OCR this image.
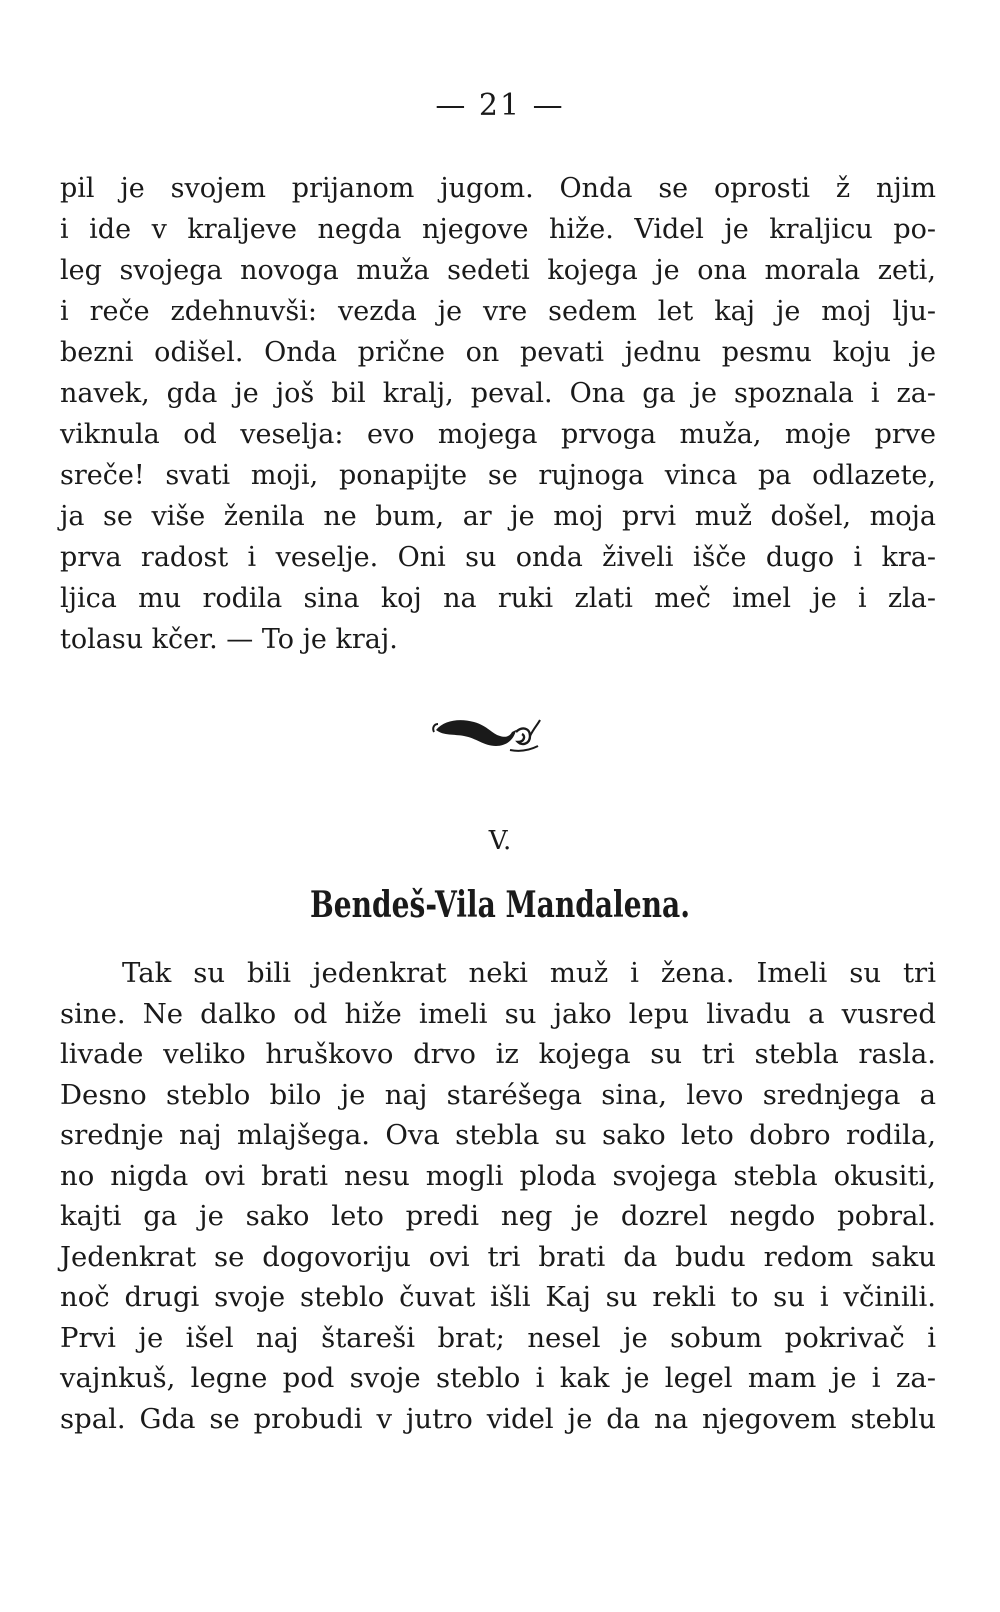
— 21 —
pil je svojem prijanom jugom. Onda se oprosti ž njim
i ide v kraljeve negda njegove hiže. Videl je kraljicu po-
leg svojega novoga muža sedeti kojega je ona morala zeti,
i reče zdehnuvši: vezda je vre sedem let kaj je moj lju-
bezni odišel. Onda prične on pevati jednu pesmu koju je
navek, gda je još bil kralj, peval. Ona ga je spoznala i za-
viknula od veselja: evo mojega prvoga muža, moje prve
sreče! svati moji, ponapijte se rujnoga vinca pa odlazete,
ja se više ženila ne bum, ar je moj prvi muž došel, moja
prva radost i veselje. Oni su onda živeli išče dugo i kra-
ljica mu rodila sina koj na ruki zlati meč imel je i zla-
tolasu kčer. — To je kraj.
V.
Bendeš-Vila Mandalena.
Tak su bili jedenkrat neki muž i žena. Imeli su tri
sine. Ne dalko od hiže imeli su jako lepu livadu a vusred
livade veliko hruškovo drvo iz kojega su tri stebla rasla.
Desno steblo bilo je naj staréšega sina, levo srednjega a
srednje naj mlajšega. Ova stebla su sako leto dobro rodila,
no nigda ovi brati nesu mogli ploda svojega stebla okusiti,
kajti ga je sako leto predi neg je dozrel negdo pobral.
Jedenkrat se dogovoriju ovi tri brati da budu redom saku
noč drugi svoje steblo čuvat išli Kaj su rekli to su i včinili.
Prvi je išel naj štareši brat; nesel je sobum pokrivač i
vajnkuš, legne pod svoje steblo i kak je legel mam je i za-
spal. Gda se probudi v jutro videl je da na njegovem steblu
